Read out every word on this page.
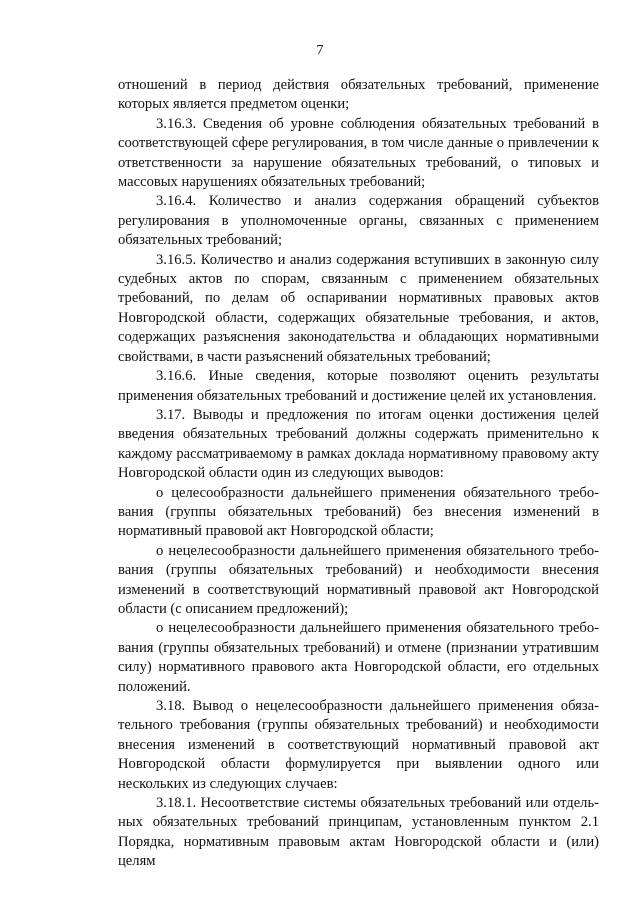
7

отношений в период действия обязательных требований, применение которых является предметом оценки;

3.16.3. Сведения об уровне соблюдения обязательных требований в соответствующей сфере регулирования, в том числе данные о привлечении к ответственности за нарушение обязательных требований, о типовых и массовых нарушениях обязательных требований;

3.16.4. Количество и анализ содержания обращений субъектов регулирования в уполномоченные органы, связанных с применением обязательных требований;

3.16.5. Количество и анализ содержания вступивших в законную силу судебных актов по спорам, связанным с применением обязательных требований, по делам об оспаривании нормативных правовых актов Новгородской области, содержащих обязательные требования, и актов, содержащих разъяснения законодательства и обладающих нормативными свойствами, в части разъяснений обязательных требований;

3.16.6. Иные сведения, которые позволяют оценить результаты применения обязательных требований и достижение целей их установления.

3.17. Выводы и предложения по итогам оценки достижения целей введения обязательных требований должны содержать применительно к каждому рассматриваемому в рамках доклада нормативному правовому акту Новгородской области один из следующих выводов:

о целесообразности дальнейшего применения обязательного требования (группы обязательных требований) без внесения изменений в нормативный правовой акт Новгородской области;

о нецелесообразности дальнейшего применения обязательного требования (группы обязательных требований) и необходимости внесения изменений в соответствующий нормативный правовой акт Новгородской области (с описанием предложений);

о нецелесообразности дальнейшего применения обязательного требования (группы обязательных требований) и отмене (признании утратившим силу) нормативного правового акта Новгородской области, его отдельных положений.

3.18. Вывод о нецелесообразности дальнейшего применения обязательного требования (группы обязательных требований) и необходимости внесения изменений в соответствующий нормативный правовой акт Новгородской области формулируется при выявлении одного или нескольких из следующих случаев:

3.18.1. Несоответствие системы обязательных требований или отдельных обязательных требований принципам, установленным пунктом 2.1 Порядка, нормативным правовым актам Новгородской области и (или) целям
